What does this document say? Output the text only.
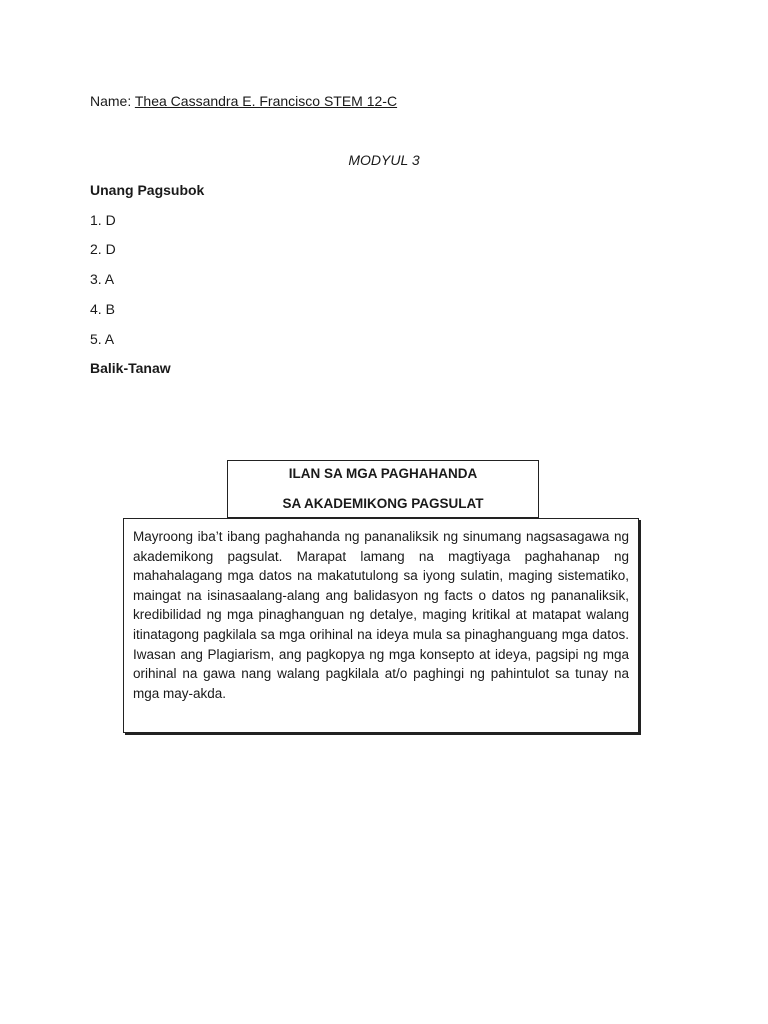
Name: Thea Cassandra E. Francisco STEM 12-C
MODYUL 3
Unang Pagsubok
1. D
2. D
3. A
4. B
5. A
Balik-Tanaw
ILAN SA MGA PAGHAHANDA
SA AKADEMIKONG PAGSULAT

Mayroong iba’t ibang paghahanda ng pananaliksik ng sinumang nagsasagawa ng akademikong pagsulat. Marapat lamang na magtiyaga paghahanap ng mahahalagang mga datos na makatutulong sa iyong sulatin, maging sistematiko, maingat na isinasaalang-alang ang balidasyon ng facts o datos ng pananaliksik, kredibilidad ng mga pinaghanguan ng detalye, maging kritikal at matapat walang itinatagong pagkilala sa mga orihinal na ideya mula sa pinaghanguang mga datos. Iwasan ang Plagiarism, ang pagkopya ng mga konsepto at ideya, pagsipi ng mga orihinal na gawa nang walang pagkilala at/o paghingi ng pahintulot sa tunay na mga may-akda.
